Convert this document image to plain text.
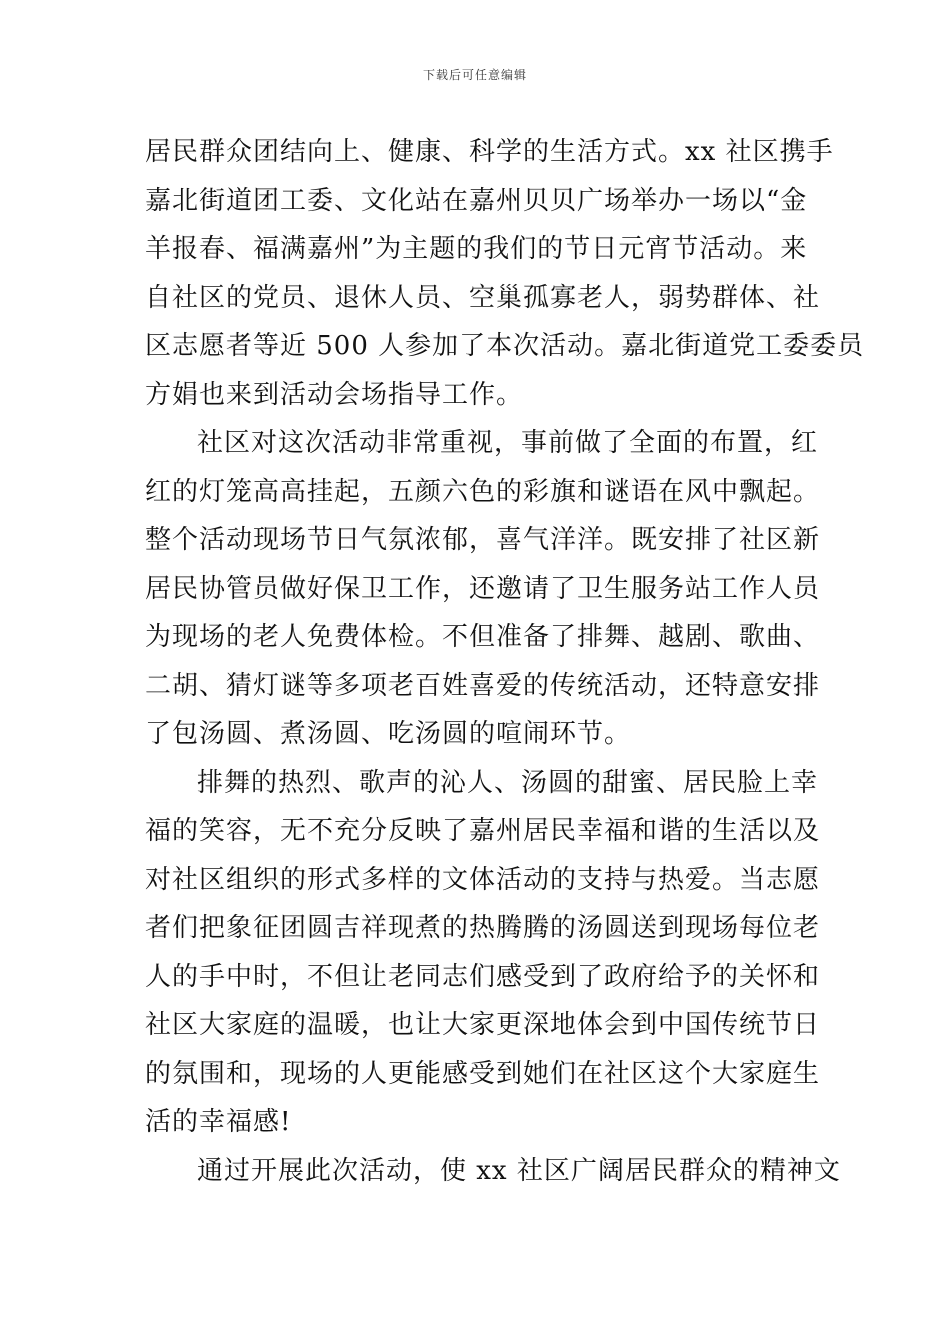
下载后可任意编辑
居民群众团结向上、健康、科学的生活方式。xx 社区携手
嘉北街道团工委、文化站在嘉州贝贝广场举办一场以“金
羊报春、福满嘉州”为主题的我们的节日元宵节活动。来
自社区的党员、退休人员、空巢孤寡老人，弱势群体、社
区志愿者等近 500 人参加了本次活动。嘉北街道党工委委员
方娟也来到活动会场指导工作。
社区对这次活动非常重视，事前做了全面的布置，红
红的灯笼高高挂起，五颜六色的彩旗和谜语在风中飘起。
整个活动现场节日气氛浓郁，喜气洋洋。既安排了社区新
居民协管员做好保卫工作，还邀请了卫生服务站工作人员
为现场的老人免费体检。不但准备了排舞、越剧、歌曲、
二胡、猜灯谜等多项老百姓喜爱的传统活动，还特意安排
了包汤圆、煮汤圆、吃汤圆的喧闹环节。
排舞的热烈、歌声的沁人、汤圆的甜蜜、居民脸上幸
福的笑容，无不充分反映了嘉州居民幸福和谐的生活以及
对社区组织的形式多样的文体活动的支持与热爱。当志愿
者们把象征团圆吉祥现煮的热腾腾的汤圆送到现场每位老
人的手中时，不但让老同志们感受到了政府给予的关怀和
社区大家庭的温暖，也让大家更深地体会到中国传统节日
的氛围和，现场的人更能感受到她们在社区这个大家庭生
活的幸福感!
通过开展此次活动，使 xx 社区广阔居民群众的精神文
